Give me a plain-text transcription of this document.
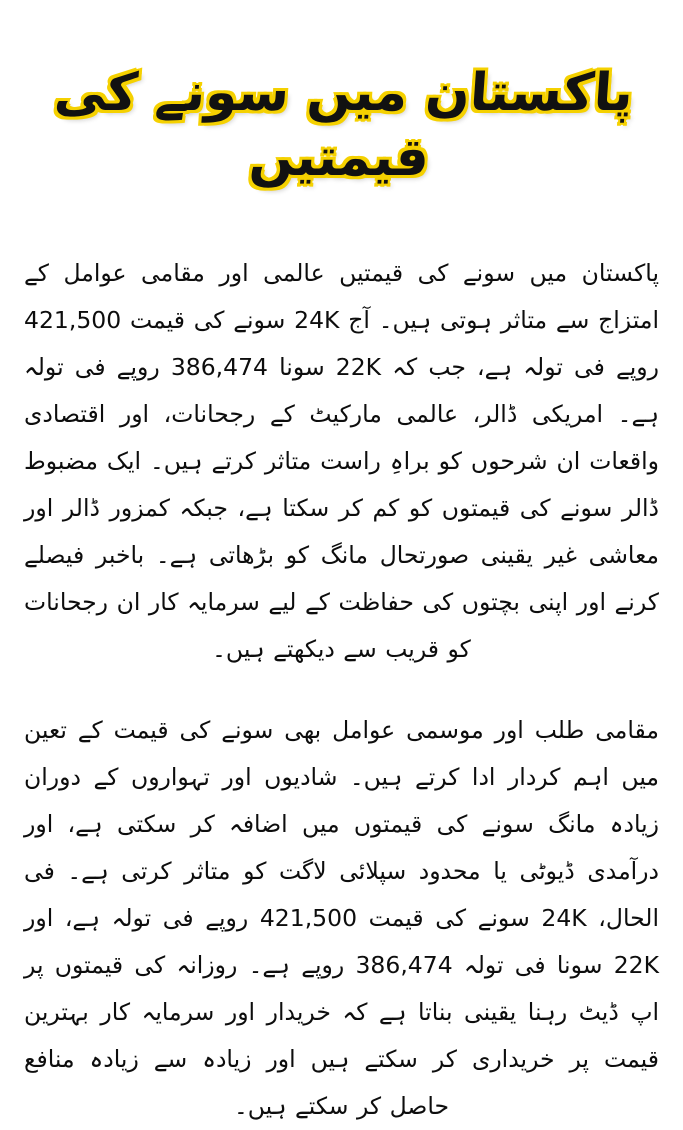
پاکستان میں سونے کی قیمتیں

پاکستان میں سونے کی قیمتیں عالمی اور مقامی عوامل کے امتزاج سے متاثر ہوتی ہیں۔ آج 24K سونے کی قیمت 421,500 روپے فی تولہ ہے، جب کہ 22K سونا 386,474 روپے فی تولہ ہے۔ امریکی ڈالر، عالمی مارکیٹ کے رجحانات، اور اقتصادی واقعات ان شرحوں کو براہِ راست متاثر کرتے ہیں۔ ایک مضبوط ڈالر سونے کی قیمتوں کو کم کر سکتا ہے، جبکہ کمزور ڈالر اور معاشی غیر یقینی صورتحال مانگ کو بڑھاتی ہے۔ باخبر فیصلے کرنے اور اپنی بچتوں کی حفاظت کے لیے سرمایہ کار ان رجحانات کو قریب سے دیکھتے ہیں۔

مقامی طلب اور موسمی عوامل بھی سونے کی قیمت کے تعین میں اہم کردار ادا کرتے ہیں۔ شادیوں اور تہواروں کے دوران زیادہ مانگ سونے کی قیمتوں میں اضافہ کر سکتی ہے، اور درآمدی ڈیوٹی یا محدود سپلائی لاگت کو متاثر کرتی ہے۔ فی الحال، 24K سونے کی قیمت 421,500 روپے فی تولہ ہے، اور 22K سونا فی تولہ 386,474 روپے ہے۔ روزانہ کی قیمتوں پر اپ ڈیٹ رہنا یقینی بناتا ہے کہ خریدار اور سرمایہ کار بہترین قیمت پر خریداری کر سکتے ہیں اور زیادہ سے زیادہ منافع حاصل کر سکتے ہیں۔
